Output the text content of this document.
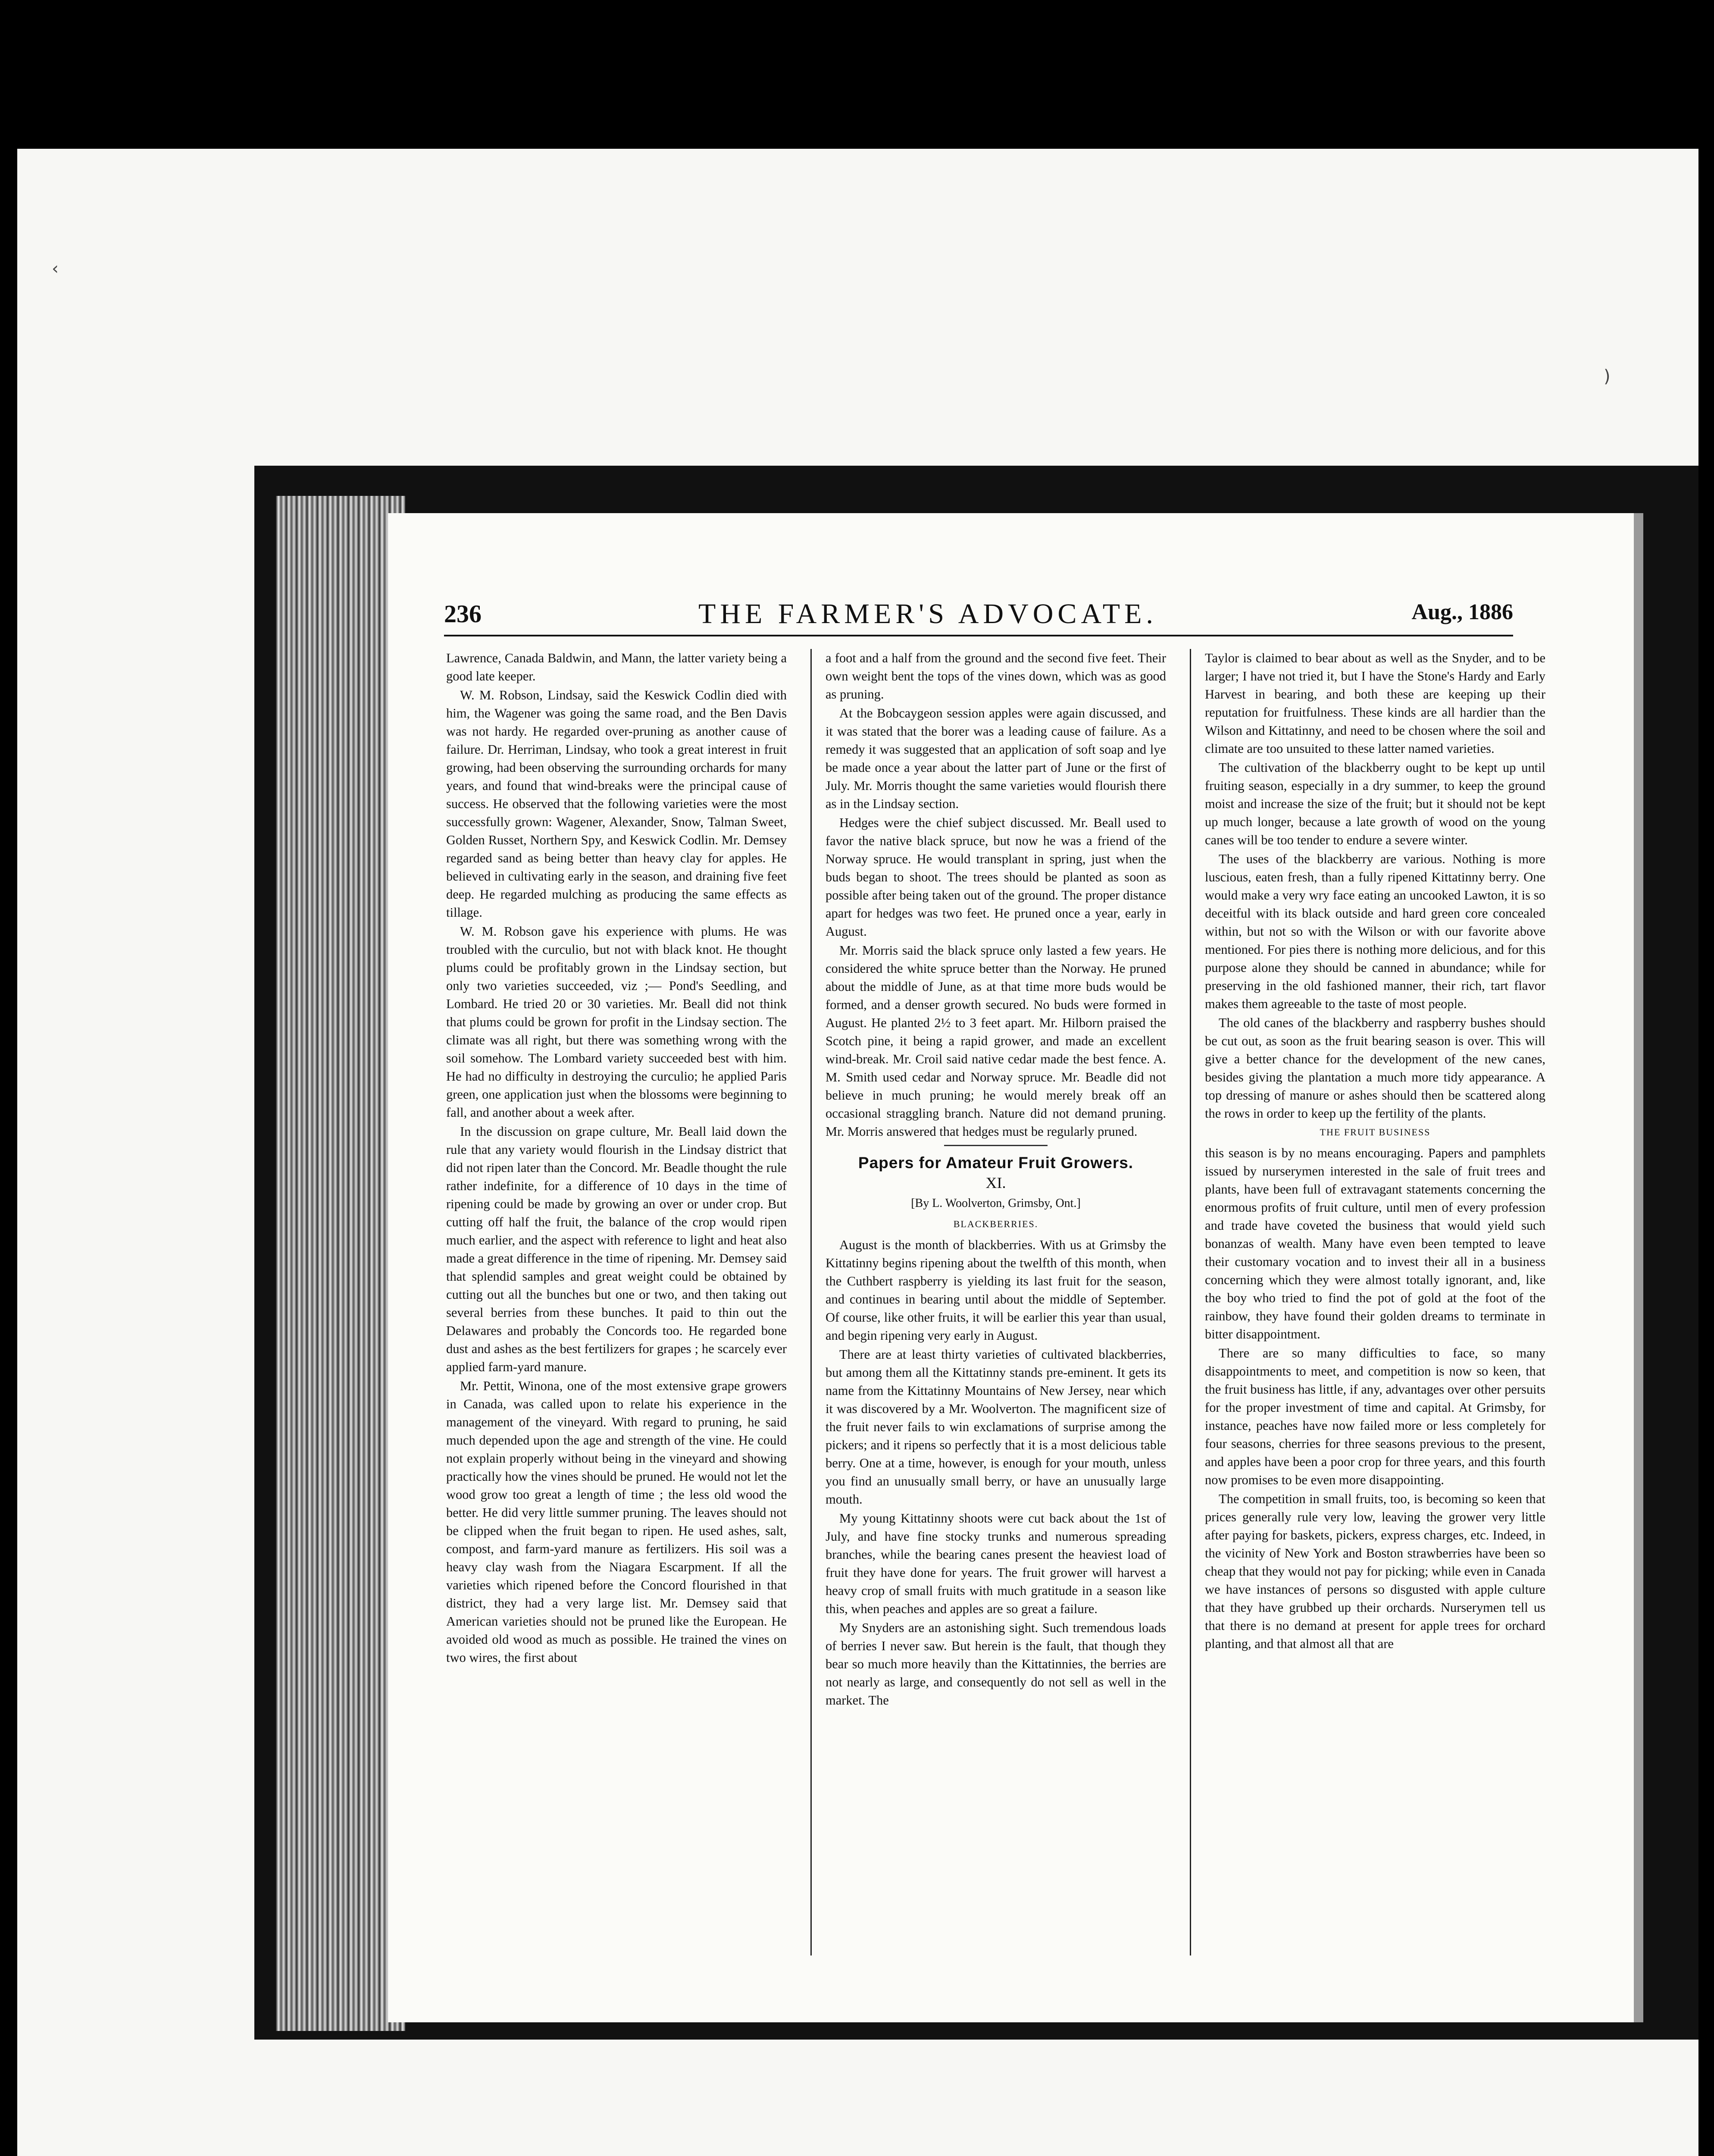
‹
)
236	THE FARMER'S ADVOCATE.	Aug., 1886

Lawrence, Canada Baldwin, and Mann, the latter variety being a good late keeper.

W. M. Robson, Lindsay, said the Keswick Codlin died with him, the Wagener was going the same road, and the Ben Davis was not hardy. He regarded over-pruning as another cause of failure. Dr. Herriman, Lindsay, who took a great interest in fruit growing, had been observing the surrounding orchards for many years, and found that wind-breaks were the principal cause of success. He observed that the following varieties were the most successfully grown: Wagener, Alexander, Snow, Talman Sweet, Golden Russet, Northern Spy, and Keswick Codlin. Mr. Demsey regarded sand as being better than heavy clay for apples. He believed in cultivating early in the season, and draining five feet deep. He regarded mulching as producing the same effects as tillage.

W. M. Robson gave his experience with plums. He was troubled with the curculio, but not with black knot. He thought plums could be profitably grown in the Lindsay section, but only two varieties succeeded, viz ;— Pond's Seedling, and Lombard. He tried 20 or 30 varieties. Mr. Beall did not think that plums could be grown for profit in the Lindsay section. The climate was all right, but there was something wrong with the soil somehow. The Lombard variety succeeded best with him. He had no difficulty in destroying the curculio; he applied Paris green, one application just when the blossoms were beginning to fall, and another about a week after.

In the discussion on grape culture, Mr. Beall laid down the rule that any variety would flourish in the Lindsay district that did not ripen later than the Concord. Mr. Beadle thought the rule rather indefinite, for a difference of 10 days in the time of ripening could be made by growing an over or under crop. But cutting off half the fruit, the balance of the crop would ripen much earlier, and the aspect with reference to light and heat also made a great difference in the time of ripening. Mr. Demsey said that splendid samples and great weight could be obtained by cutting out all the bunches but one or two, and then taking out several berries from these bunches. It paid to thin out the Delawares and probably the Concords too. He regarded bone dust and ashes as the best fertilizers for grapes ; he scarcely ever applied farm-yard manure.

Mr. Pettit, Winona, one of the most extensive grape growers in Canada, was called upon to relate his experience in the management of the vineyard. With regard to pruning, he said much depended upon the age and strength of the vine. He could not explain properly without being in the vineyard and showing practically how the vines should be pruned. He would not let the wood grow too great a length of time ; the less old wood the better. He did very little summer pruning. The leaves should not be clipped when the fruit began to ripen. He used ashes, salt, compost, and farm-yard manure as fertilizers. His soil was a heavy clay wash from the Niagara Escarpment. If all the varieties which ripened before the Concord flourished in that district, they had a very large list. Mr. Demsey said that American varieties should not be pruned like the European. He avoided old wood as much as possible. He trained the vines on two wires, the first about

a foot and a half from the ground and the second five feet. Their own weight bent the tops of the vines down, which was as good as pruning.

At the Bobcaygeon session apples were again discussed, and it was stated that the borer was a leading cause of failure. As a remedy it was suggested that an application of soft soap and lye be made once a year about the latter part of June or the first of July. Mr. Morris thought the same varieties would flourish there as in the Lindsay section.

Hedges were the chief subject discussed. Mr. Beall used to favor the native black spruce, but now he was a friend of the Norway spruce. He would transplant in spring, just when the buds began to shoot. The trees should be planted as soon as possible after being taken out of the ground. The proper distance apart for hedges was two feet. He pruned once a year, early in August.

Mr. Morris said the black spruce only lasted a few years. He considered the white spruce better than the Norway. He pruned about the middle of June, as at that time more buds would be formed, and a denser growth secured. No buds were formed in August. He planted 2½ to 3 feet apart. Mr. Hilborn praised the Scotch pine, it being a rapid grower, and made an excellent wind-break. Mr. Croil said native cedar made the best fence. A. M. Smith used cedar and Norway spruce. Mr. Beadle did not believe in much pruning; he would merely break off an occasional straggling branch. Nature did not demand pruning. Mr. Morris answered that hedges must be regularly pruned.

Papers for Amateur Fruit Growers.
XI.
[By L. Woolverton, Grimsby, Ont.]
BLACKBERRIES.

August is the month of blackberries. With us at Grimsby the Kittatinny begins ripening about the twelfth of this month, when the Cuthbert raspberry is yielding its last fruit for the season, and continues in bearing until about the middle of September. Of course, like other fruits, it will be earlier this year than usual, and begin ripening very early in August.

There are at least thirty varieties of cultivated blackberries, but among them all the Kittatinny stands pre-eminent. It gets its name from the Kittatinny Mountains of New Jersey, near which it was discovered by a Mr. Woolverton. The magnificent size of the fruit never fails to win exclamations of surprise among the pickers; and it ripens so perfectly that it is a most delicious table berry. One at a time, however, is enough for your mouth, unless you find an unusually small berry, or have an unusually large mouth.

My young Kittatinny shoots were cut back about the 1st of July, and have fine stocky trunks and numerous spreading branches, while the bearing canes present the heaviest load of fruit they have done for years. The fruit grower will harvest a heavy crop of small fruits with much gratitude in a season like this, when peaches and apples are so great a failure.

My Snyders are an astonishing sight. Such tremendous loads of berries I never saw. But herein is the fault, that though they bear so much more heavily than the Kittatinnies, the berries are not nearly as large, and consequently do not sell as well in the market. The

Taylor is claimed to bear about as well as the Snyder, and to be larger; I have not tried it, but I have the Stone's Hardy and Early Harvest in bearing, and both these are keeping up their reputation for fruitfulness. These kinds are all hardier than the Wilson and Kittatinny, and need to be chosen where the soil and climate are too unsuited to these latter named varieties.

The cultivation of the blackberry ought to be kept up until fruiting season, especially in a dry summer, to keep the ground moist and increase the size of the fruit; but it should not be kept up much longer, because a late growth of wood on the young canes will be too tender to endure a severe winter.

The uses of the blackberry are various. Nothing is more luscious, eaten fresh, than a fully ripened Kittatinny berry. One would make a very wry face eating an uncooked Lawton, it is so deceitful with its black outside and hard green core concealed within, but not so with the Wilson or with our favorite above mentioned. For pies there is nothing more delicious, and for this purpose alone they should be canned in abundance; while for preserving in the old fashioned manner, their rich, tart flavor makes them agreeable to the taste of most people.

The old canes of the blackberry and raspberry bushes should be cut out, as soon as the fruit bearing season is over. This will give a better chance for the development of the new canes, besides giving the plantation a much more tidy appearance. A top dressing of manure or ashes should then be scattered along the rows in order to keep up the fertility of the plants.

THE FRUIT BUSINESS

this season is by no means encouraging. Papers and pamphlets issued by nurserymen interested in the sale of fruit trees and plants, have been full of extravagant statements concerning the enormous profits of fruit culture, until men of every profession and trade have coveted the business that would yield such bonanzas of wealth. Many have even been tempted to leave their customary vocation and to invest their all in a business concerning which they were almost totally ignorant, and, like the boy who tried to find the pot of gold at the foot of the rainbow, they have found their golden dreams to terminate in bitter disappointment.

There are so many difficulties to face, so many disappointments to meet, and competition is now so keen, that the fruit business has little, if any, advantages over other persuits for the proper investment of time and capital. At Grimsby, for instance, peaches have now failed more or less completely for four seasons, cherries for three seasons previous to the present, and apples have been a poor crop for three years, and this fourth now promises to be even more disappointing.

The competition in small fruits, too, is becoming so keen that prices generally rule very low, leaving the grower very little after paying for baskets, pickers, express charges, etc. Indeed, in the vicinity of New York and Boston strawberries have been so cheap that they would not pay for picking; while even in Canada we have instances of persons so disgusted with apple culture that they have grubbed up their orchards. Nurserymen tell us that there is no demand at present for apple trees for orchard planting, and that almost all that are
